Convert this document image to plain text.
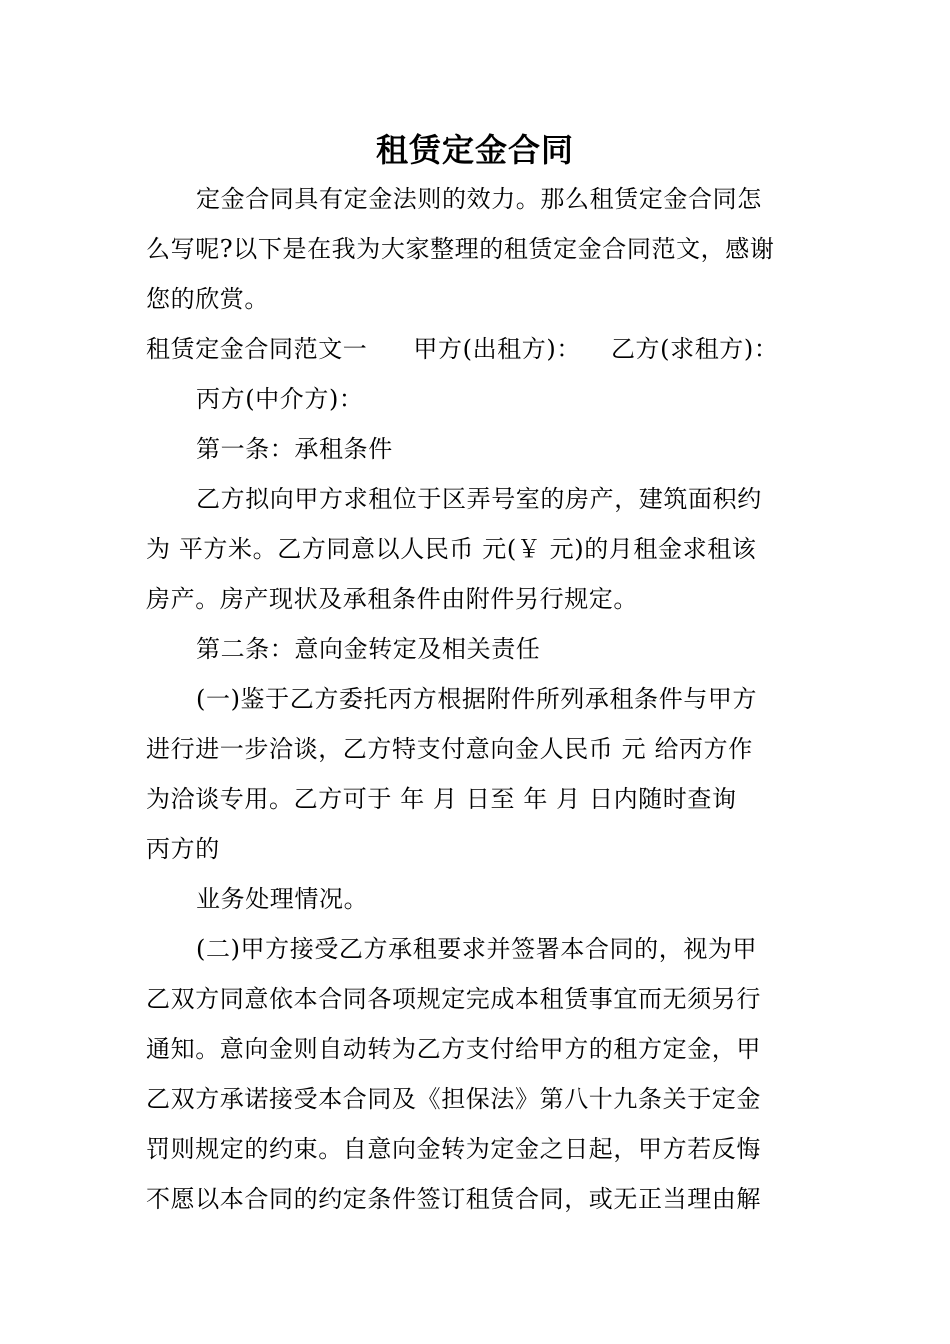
租赁定金合同
定金合同具有定金法则的效力。那么租赁定金合同怎
么写呢?以下是在我为大家整理的租赁定金合同范文，感谢
您的欣赏。
租赁定金合同范文一 甲方(出租方)： 乙方(求租方)：
丙方(中介方)：
第一条：承租条件
乙方拟向甲方求租位于区弄号室的房产，建筑面积约
为 平方米。乙方同意以人民币 元(￥ 元)的月租金求租该
房产。房产现状及承租条件由附件另行规定。
第二条：意向金转定及相关责任
(一)鉴于乙方委托丙方根据附件所列承租条件与甲方
进行进一步洽谈，乙方特支付意向金人民币 元 给丙方作
为洽谈专用。乙方可于 年 月 日至 年 月 日内随时查询
丙方的
业务处理情况。
(二)甲方接受乙方承租要求并签署本合同的，视为甲
乙双方同意依本合同各项规定完成本租赁事宜而无须另行
通知。意向金则自动转为乙方支付给甲方的租方定金，甲
乙双方承诺接受本合同及《担保法》第八十九条关于定金
罚则规定的约束。自意向金转为定金之日起，甲方若反悔
不愿以本合同的约定条件签订租赁合同，或无正当理由解
